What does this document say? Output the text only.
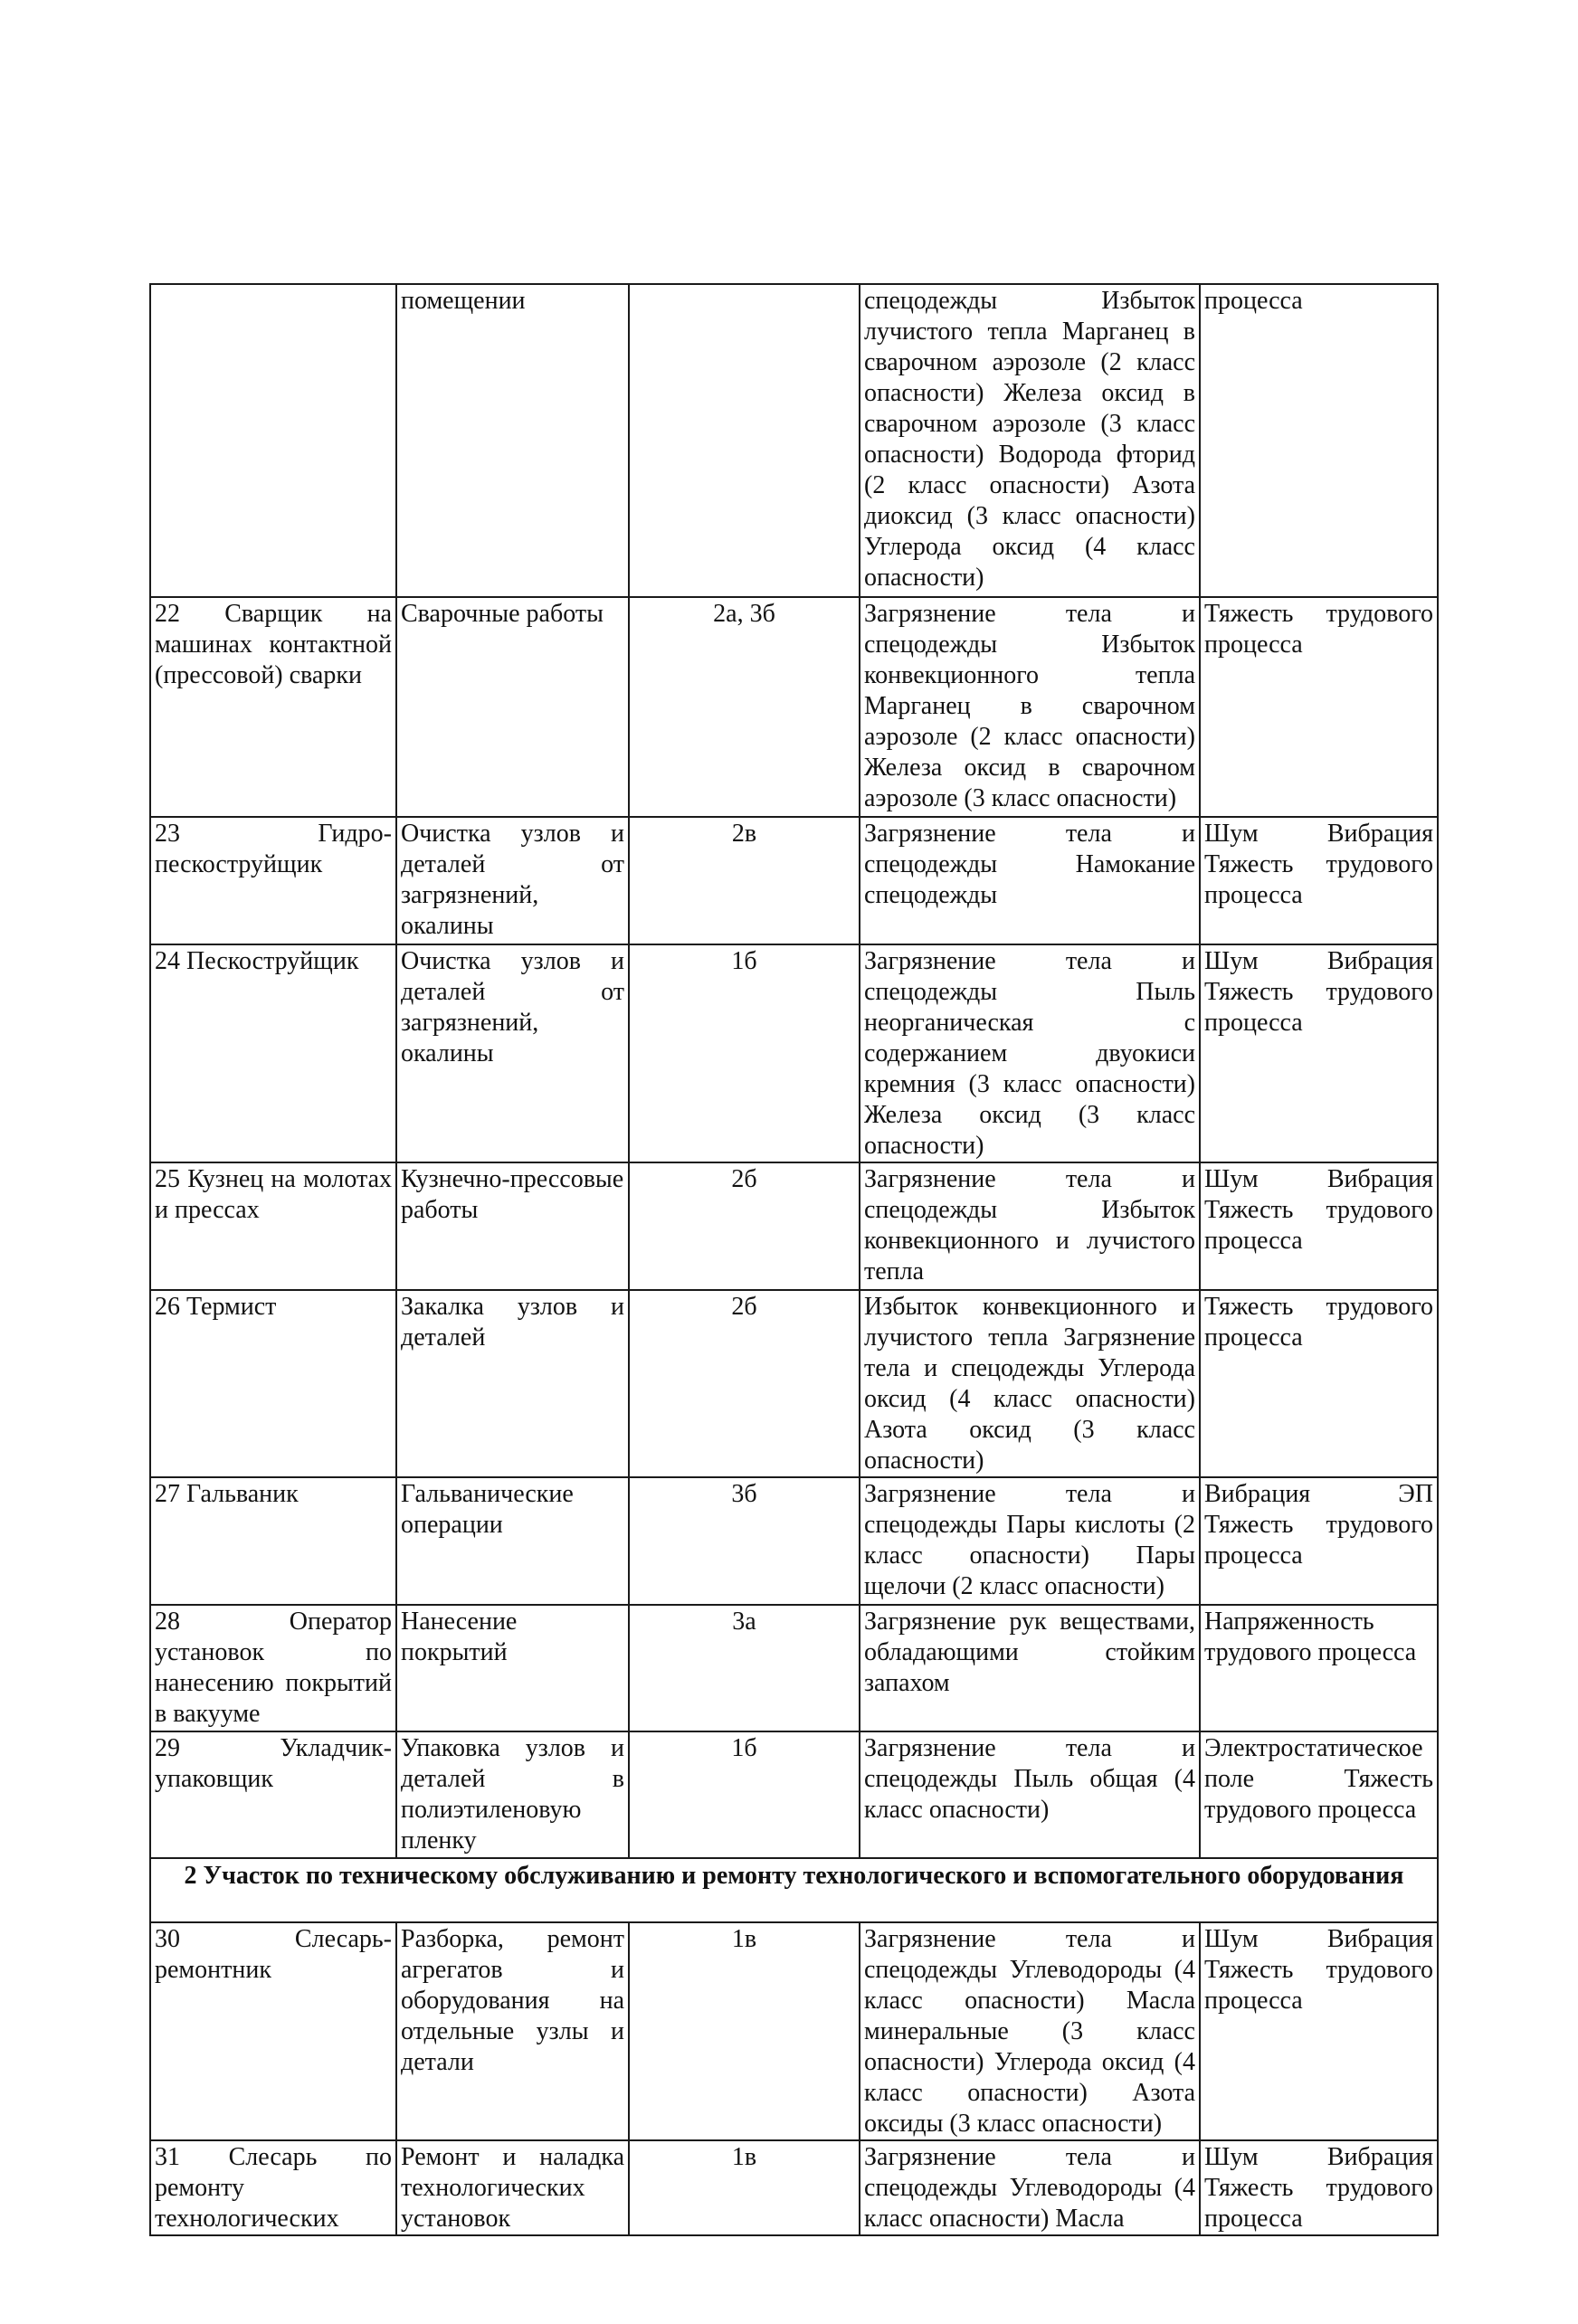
	помещении		спецодежды Избыток лучистого тепла Марганец в сварочном аэрозоле (2 класс опасности) Железа оксид в сварочном аэрозоле (3 класс опасности) Водорода фторид (2 класс опасности) Азота диоксид (3 класс опасности) Углерода оксид (4 класс опасности)	процесса
22 Сварщик на машинах контактной (прессовой) сварки	Сварочные работы	2а, 3б	Загрязнение тела и спецодежды Избыток конвекционного тепла Марганец в сварочном аэрозоле (2 класс опасности) Железа оксид в сварочном аэрозоле (3 класс опасности)	Тяжесть трудового процесса
23 Гидро-пескоструйщик	Очистка узлов и деталей от загрязнений, окалины	2в	Загрязнение тела и спецодежды Намокание спецодежды	Шум Вибрация Тяжесть трудового процесса
24 Пескоструйщик	Очистка узлов и деталей от загрязнений, окалины	1б	Загрязнение тела и спецодежды Пыль неорганическая с содержанием двуокиси кремния (3 класс опасности) Железа оксид (3 класс опасности)	Шум Вибрация Тяжесть трудового процесса
25 Кузнец на молотах и прессах	Кузнечно-прессовые работы	2б	Загрязнение тела и спецодежды Избыток конвекционного и лучистого тепла	Шум Вибрация Тяжесть трудового процесса
26 Термист	Закалка узлов и деталей	2б	Избыток конвекционного и лучистого тепла Загрязнение тела и спецодежды Углерода оксид (4 класс опасности) Азота оксид (3 класс опасности)	Тяжесть трудового процесса
27 Гальваник	Гальванические операции	3б	Загрязнение тела и спецодежды Пары кислоты (2 класс опасности) Пары щелочи (2 класс опасности)	Вибрация ЭП Тяжесть трудового процесса
28 Оператор установок по нанесению покрытий в вакууме	Нанесение покрытий	3а	Загрязнение рук веществами, обладающими стойким запахом	Напряженность трудового процесса
29 Укладчик-упаковщик	Упаковка узлов и деталей в полиэтиленовую пленку	1б	Загрязнение тела и спецодежды Пыль общая (4 класс опасности)	Электростатическое поле Тяжесть трудового процесса
2 Участок по техническому обслуживанию и ремонту технологического и вспомогательного оборудования				
30 Слесарь-ремонтник	Разборка, ремонт агрегатов и оборудования на отдельные узлы и детали	1в	Загрязнение тела и спецодежды Углеводороды (4 класс опасности) Масла минеральные (3 класс опасности) Углерода оксид (4 класс опасности) Азота оксиды (3 класс опасности)	Шум Вибрация Тяжесть трудового процесса
31 Слесарь по ремонту технологических	Ремонт и наладка технологических установок	1в	Загрязнение тела и спецодежды Углеводороды (4 класс опасности) Масла	Шум Вибрация Тяжесть трудового процесса
